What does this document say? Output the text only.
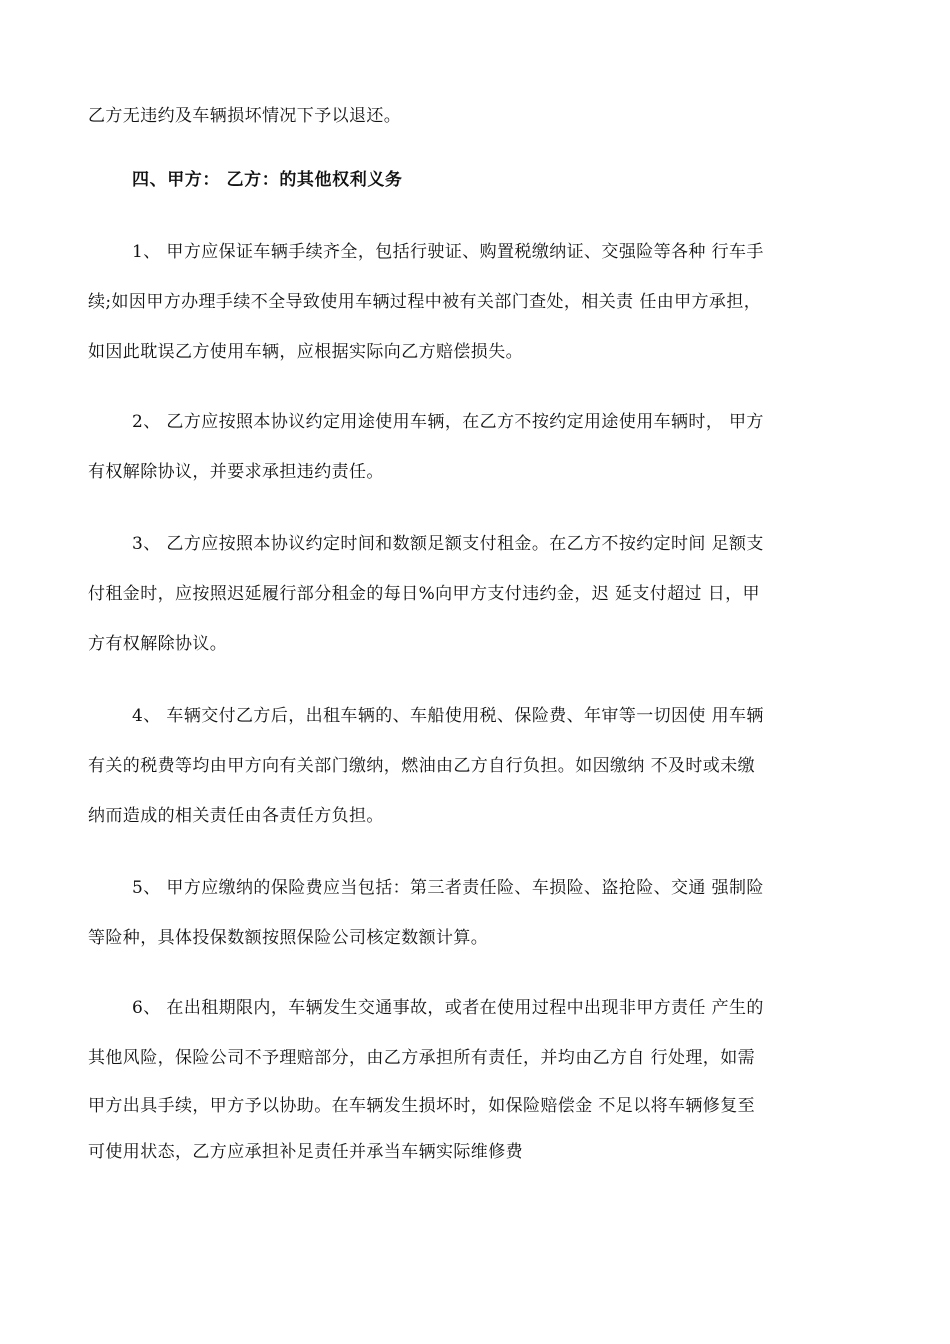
乙方无违约及车辆损坏情况下予以退还。
四、甲方： 乙方：的其他权利义务
1、 甲方应保证车辆手续齐全，包括行驶证、购置税缴纳证、交强险等各种 行车手
续;如因甲方办理手续不全导致使用车辆过程中被有关部门查处，相关责 任由甲方承担，
如因此耽误乙方使用车辆，应根据实际向乙方赔偿损失。
2、 乙方应按照本协议约定用途使用车辆，在乙方不按约定用途使用车辆时， 甲方
有权解除协议，并要求承担违约责任。
3、 乙方应按照本协议约定时间和数额足额支付租金。在乙方不按约定时间 足额支
付租金时，应按照迟延履行部分租金的每日%向甲方支付违约金，迟 延支付超过 日，甲
方有权解除协议。
4、 车辆交付乙方后，出租车辆的、车船使用税、保险费、年审等一切因使 用车辆
有关的税费等均由甲方向有关部门缴纳，燃油由乙方自行负担。如因缴纳 不及时或未缴
纳而造成的相关责任由各责任方负担。
5、 甲方应缴纳的保险费应当包括：第三者责任险、车损险、盗抢险、交通 强制险
等险种，具体投保数额按照保险公司核定数额计算。
6、 在出租期限内，车辆发生交通事故，或者在使用过程中出现非甲方责任 产生的
其他风险，保险公司不予理赔部分，由乙方承担所有责任，并均由乙方自 行处理，如需
甲方出具手续，甲方予以协助。在车辆发生损坏时，如保险赔偿金 不足以将车辆修复至
可使用状态，乙方应承担补足责任并承当车辆实际维修费
